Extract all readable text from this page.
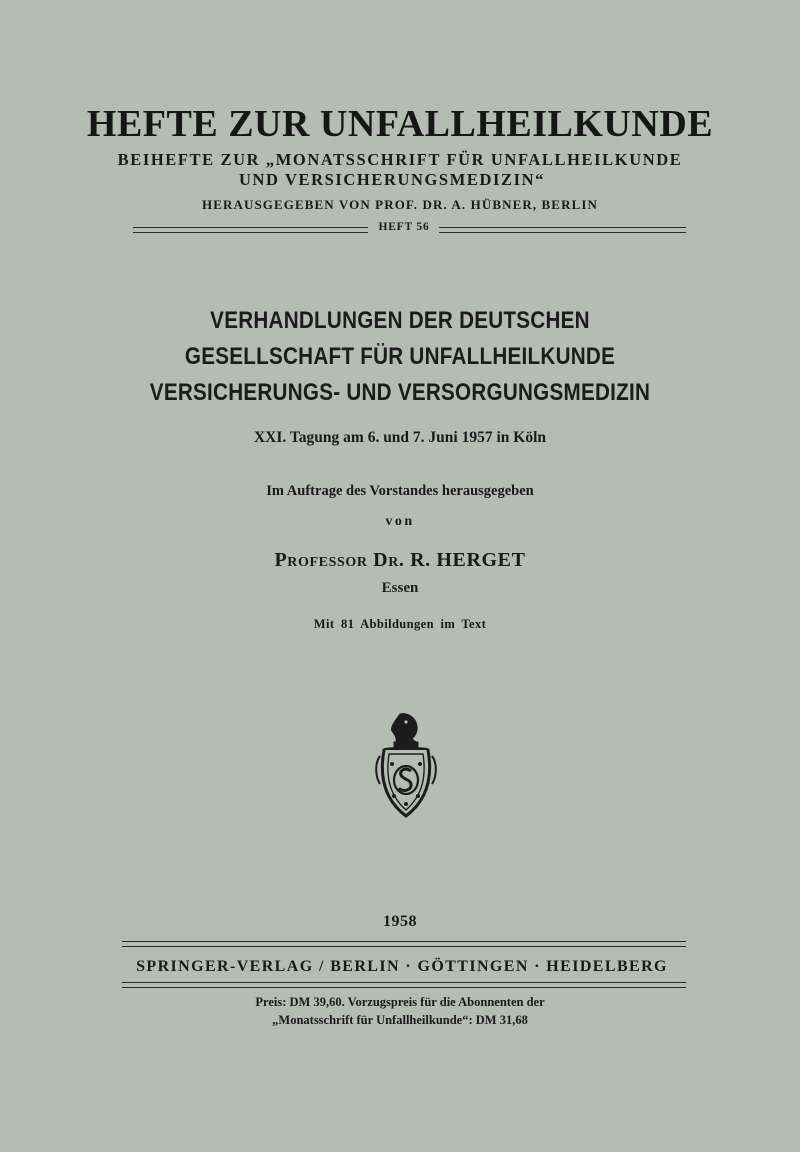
HEFTE ZUR UNFALLHEILKUNDE
BEIHEFTE ZUR „MONATSSCHRIFT FÜR UNFALLHEILKUNDE
UND VERSICHERUNGSMEDIZIN“
HERAUSGEGEBEN VON PROF. DR. A. HÜBNER, BERLIN
HEFT 56
VERHANDLUNGEN DER DEUTSCHEN
GESELLSCHAFT FÜR UNFALLHEILKUNDE
VERSICHERUNGS- UND VERSORGUNGSMEDIZIN
XXI. Tagung am 6. und 7. Juni 1957 in Köln
Im Auftrage des Vorstandes herausgegeben
von
Professor Dr. R. HERGET
Essen
Mit 81 Abbildungen im Text
1958
SPRINGER-VERLAG / BERLIN · GÖTTINGEN · HEIDELBERG
Preis: DM 39,60. Vorzugspreis für die Abonnenten der
„Monatsschrift für Unfallheilkunde“: DM 31,68
